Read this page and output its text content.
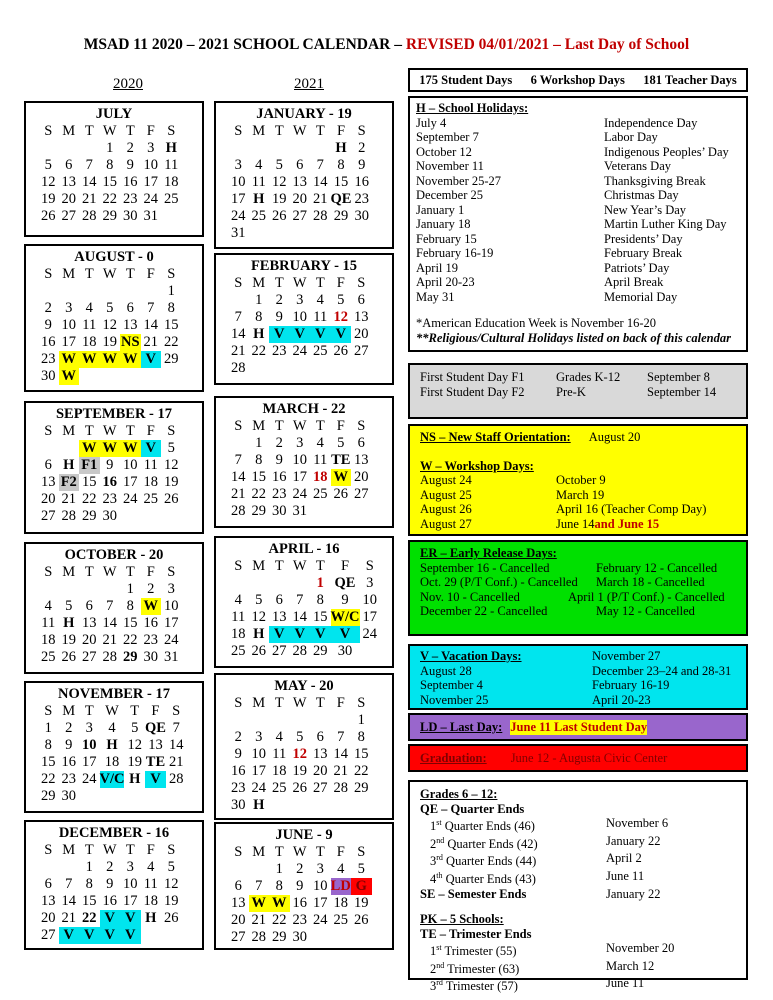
MSAD 11 2020 – 2021 SCHOOL CALENDAR – REVISED 04/01/2021 – Last Day of School
2020	2021
JULY
S	M	T	W	T	F	S
			1	2	3	H
5	6	7	8	9	10	11
12	13	14	15	16	17	18
19	20	21	22	23	24	25
26	27	28	29	30	31	
AUGUST - 0
S	M	T	W	T	F	S
						1
2	3	4	5	6	7	8
9	10	11	12	13	14	15
16	17	18	19	NS	21	22
23	W	W	W	W	V	29
30	W					
SEPTEMBER - 17
S	M	T	W	T	F	S
		W	W	W	V	5
6	H	F1	9	10	11	12
13	F2	15	16	17	18	19
20	21	22	23	24	25	26
27	28	29	30			
OCTOBER - 20
S	M	T	W	T	F	S
				1	2	3
4	5	6	7	8	W	10
11	H	13	14	15	16	17
18	19	20	21	22	23	24
25	26	27	28	29	30	31
NOVEMBER - 17
S	M	T	W	T	F	S
1	2	3	4	5	QE	7
8	9	10	H	12	13	14
15	16	17	18	19	TE	21
22	23	24	V/C	H	V	28
29	30					
DECEMBER - 16
S	M	T	W	T	F	S
		1	2	3	4	5
6	7	8	9	10	11	12
13	14	15	16	17	18	19
20	21	22	V	V	H	26
27	V	V	V	V		
JANUARY - 19
S	M	T	W	T	F	S
					H	2
3	4	5	6	7	8	9
10	11	12	13	14	15	16
17	H	19	20	21	QE	23
24	25	26	27	28	29	30
31						
FEBRUARY - 15
S	M	T	W	T	F	S
	1	2	3	4	5	6
7	8	9	10	11	12	13
14	H	V	V	V	V	20
21	22	23	24	25	26	27
28						
MARCH - 22
S	M	T	W	T	F	S
	1	2	3	4	5	6
7	8	9	10	11	TE	13
14	15	16	17	18	W	20
21	22	23	24	25	26	27
28	29	30	31			
APRIL - 16
S	M	T	W	T	F	S
				1	QE	3
4	5	6	7	8	9	10
11	12	13	14	15	W/C	17
18	H	V	V	V	V	24
25	26	27	28	29	30	
MAY - 20
S	M	T	W	T	F	S
						1
2	3	4	5	6	7	8
9	10	11	12	13	14	15
16	17	18	19	20	21	22
23	24	25	26	27	28	29
30	H					
JUNE - 9
S	M	T	W	T	F	S
		1	2	3	4	5
6	7	8	9	10	LD	G
13	W	W	16	17	18	19
20	21	22	23	24	25	26
27	28	29	30			
175 Student Days 6 Workshop Days 181 Teacher Days
H – School Holidays:
July 4	Independence Day
September 7	Labor Day
October 12	Indigenous Peoples’ Day
November 11	Veterans Day
November 25-27	Thanksgiving Break
December 25	Christmas Day
January 1	New Year’s Day
January 18	Martin Luther King Day
February 15	Presidents’ Day
February 16-19	February Break
April 19	Patriots’ Day
April 20-23	April Break
May 31	Memorial Day
*American Education Week is November 16-20
**Religious/Cultural Holidays listed on back of this calendar
First Student Day F1	Grades K-12	September 8
First Student Day F2	Pre-K	September 14
NS – New Staff Orientation: August 20
W – Workshop Days:
August 24	October 9
August 25	March 19
August 26	April 16 (Teacher Comp Day)
August 27	June 14 and June 15
ER – Early Release Days:
September 16 - Cancelled	February 12 - Cancelled
Oct. 29 (P/T Conf.) - Cancelled	March 18 - Cancelled
Nov. 10 - Cancelled	April 1 (P/T Conf.) - Cancelled
December 22 - Cancelled	May 12 - Cancelled
V – Vacation Days:	November 27
August 28	December 23–24 and 28-31
September 4	February 16-19
November 25	April 20-23
LD – Last Day: June 11 Last Student Day
Graduation: June 12 - Augusta Civic Center
Grades 6 – 12:
QE – Quarter Ends
1st Quarter Ends (46)	November 6
2nd Quarter Ends (42)	January 22
3rd Quarter Ends (44)	April 2
4th Quarter Ends (43)	June 11
SE – Semester Ends	January 22
PK – 5 Schools:
TE – Trimester Ends
1st Trimester (55)	November 20
2nd Trimester (63)	March 12
3rd Trimester (57)	June 11
